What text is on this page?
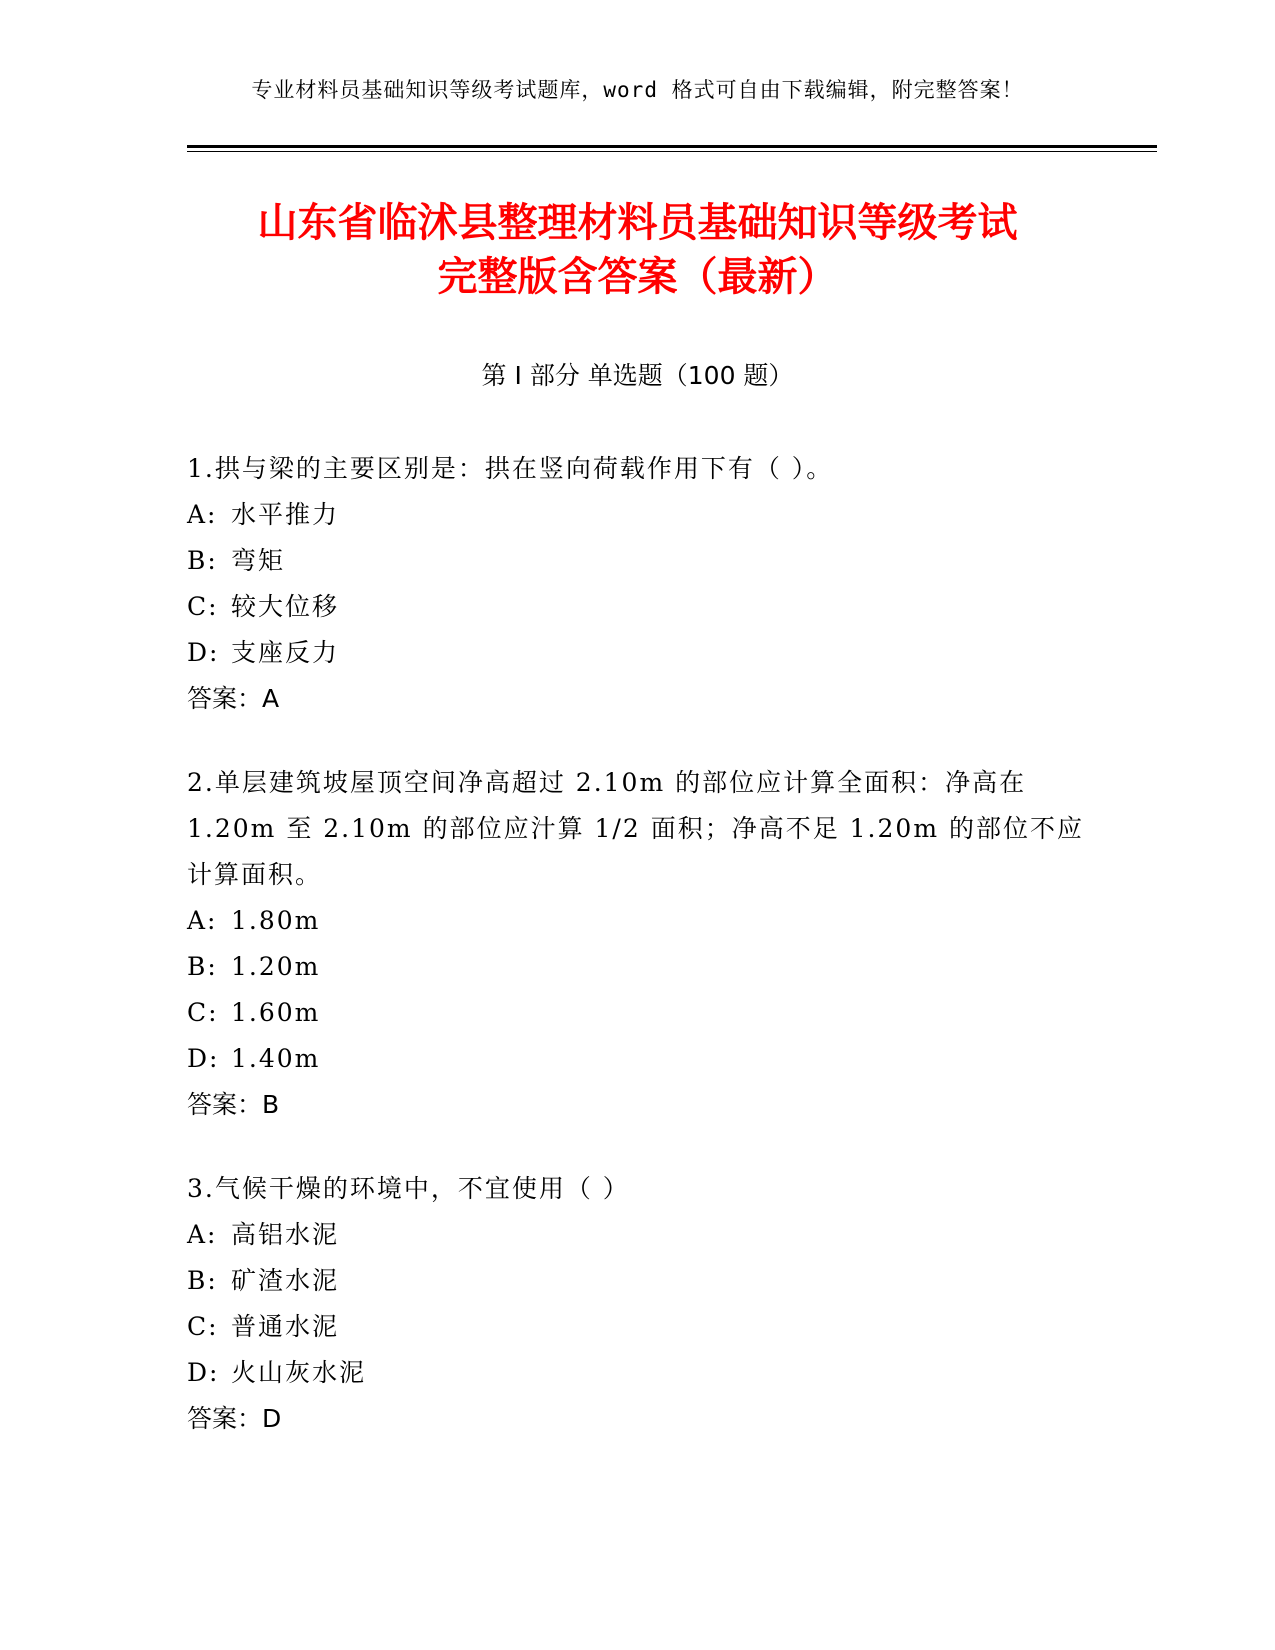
专业材料员基础知识等级考试题库，word 格式可自由下载编辑，附完整答案！
山东省临沭县整理材料员基础知识等级考试
完整版含答案（最新）
第 I 部分 单选题（100 题）
1.拱与梁的主要区别是：拱在竖向荷载作用下有（ ）。
A: 水平推力
B: 弯矩
C: 较大位移
D: 支座反力
答案：A
2.单层建筑坡屋顶空间净高超过 2.10m 的部位应计算全面积：净高在 1.20m 至 2.10m 的部位应汁算 1/2 面积；净高不足 1.20m 的部位不应计算面积。
A: 1.80m
B: 1.20m
C: 1.60m
D: 1.40m
答案：B
3.气候干燥的环境中，不宜使用（ ）
A: 高铝水泥
B: 矿渣水泥
C: 普通水泥
D: 火山灰水泥
答案：D
